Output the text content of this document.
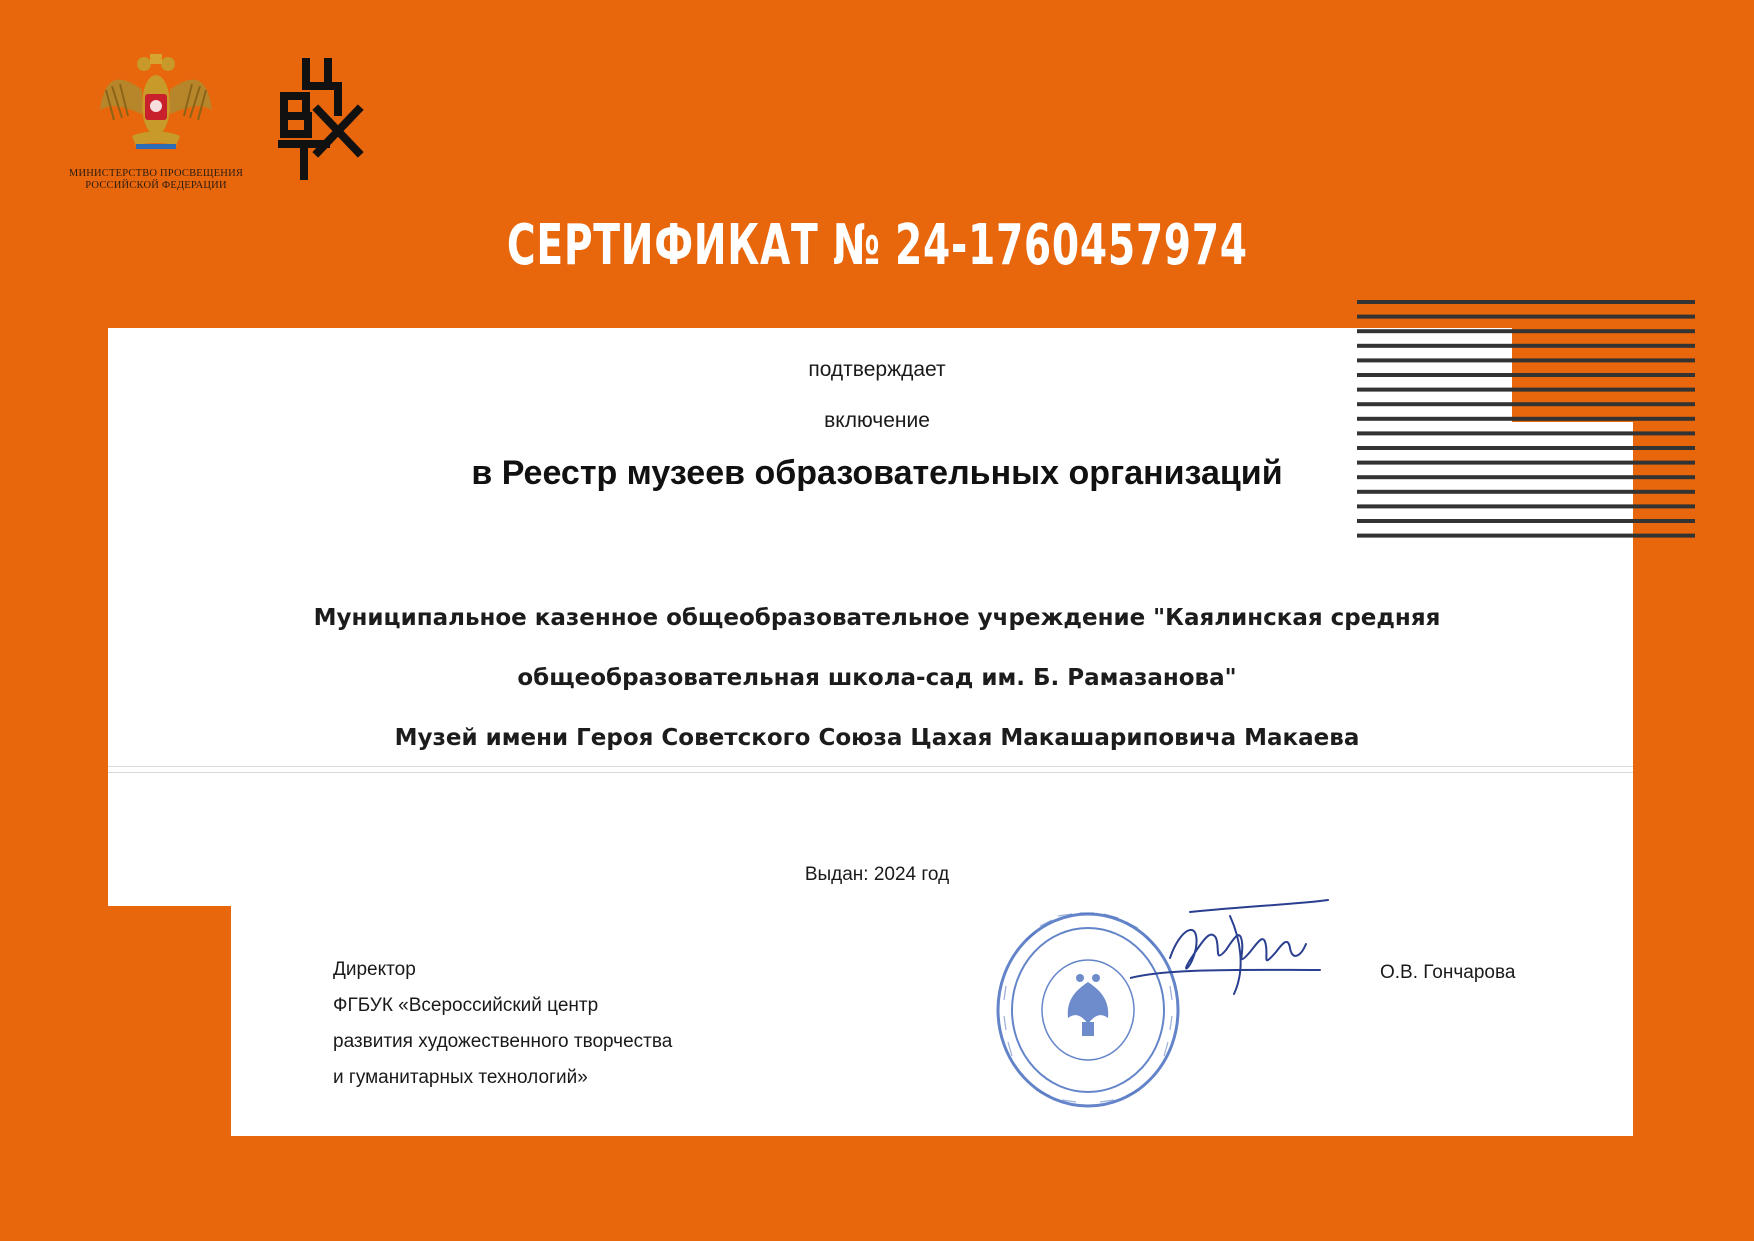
МИНИСТЕРСТВО ПРОСВЕЩЕНИЯ
РОССИЙСКОЙ ФЕДЕРАЦИИ
СЕРТИФИКАТ № 24-1760457974
подтверждает
включение
в Реестр музеев образовательных организаций
Муниципальное казенное общеобразовательное учреждение "Каялинская средняя
общеобразовательная школа-сад им. Б. Рамазанова"
Музей имени Героя Советского Союза Цахая Макашариповича Макаева
Выдан: 2024 год
Директор
ФГБУК «Всероссийский центр
развития художественного творчества
и гуманитарных технологий»
О.В. Гончарова
